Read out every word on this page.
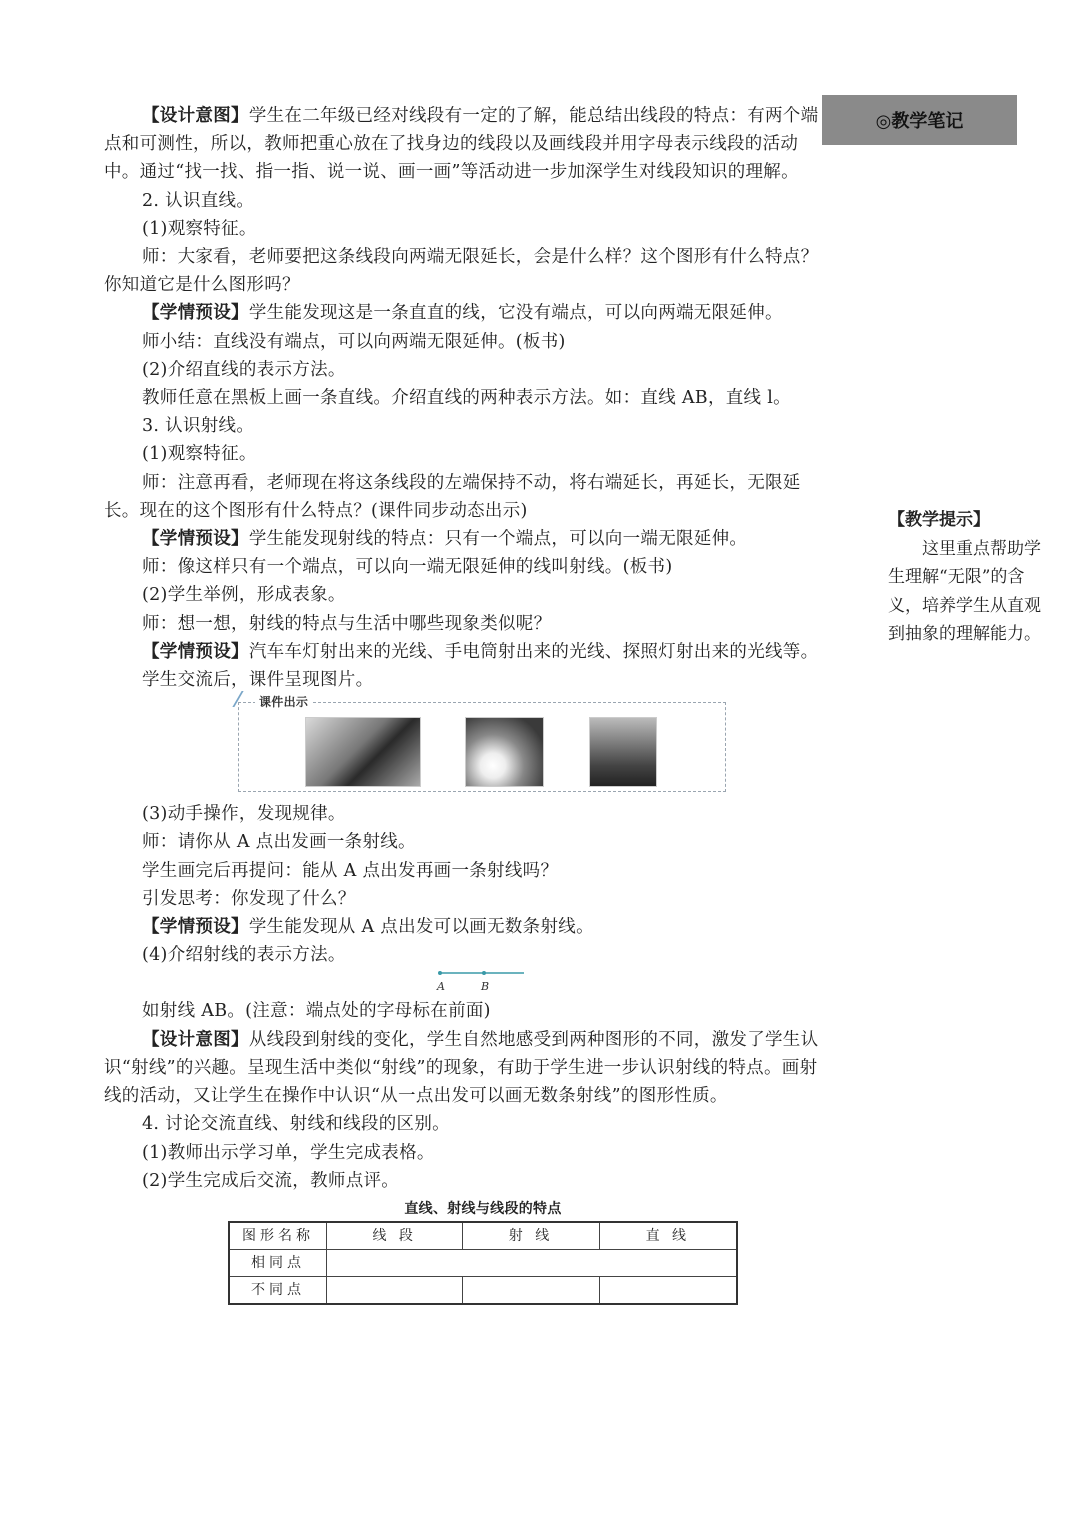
◎教学笔记

【设计意图】学生在二年级已经对线段有一定的了解，能总结出线段的特点：有两个端点和可测性，所以，教师把重心放在了找身边的线段以及画线段并用字母表示线段的活动中。通过“找一找、指一指、说一说、画一画”等活动进一步加深学生对线段知识的理解。

2. 认识直线。

(1)观察特征。

师：大家看，老师要把这条线段向两端无限延长，会是什么样？这个图形有什么特点？你知道它是什么图形吗？

【学情预设】学生能发现这是一条直直的线，它没有端点，可以向两端无限延伸。

师小结：直线没有端点，可以向两端无限延伸。(板书)

(2)介绍直线的表示方法。

教师任意在黑板上画一条直线。介绍直线的两种表示方法。如：直线 AB，直线 l。

3. 认识射线。

(1)观察特征。

师：注意再看，老师现在将这条线段的左端保持不动，将右端延长，再延长，无限延长。现在的这个图形有什么特点？(课件同步动态出示)

【学情预设】学生能发现射线的特点：只有一个端点，可以向一端无限延伸。

师：像这样只有一个端点，可以向一端无限延伸的线叫射线。(板书)

(2)学生举例，形成表象。

师：想一想，射线的特点与生活中哪些现象类似呢？

【学情预设】汽车车灯射出来的光线、手电筒射出来的光线、探照灯射出来的光线等。

学生交流后，课件呈现图片。

课件出示

(3)动手操作，发现规律。

师：请你从 A 点出发画一条射线。

学生画完后再提问：能从 A 点出发再画一条射线吗？

引发思考：你发现了什么？

【学情预设】学生能发现从 A 点出发可以画无数条射线。

(4)介绍射线的表示方法。

A	B

如射线 AB。(注意：端点处的字母标在前面)

【设计意图】从线段到射线的变化，学生自然地感受到两种图形的不同，激发了学生认识“射线”的兴趣。呈现生活中类似“射线”的现象，有助于学生进一步认识射线的特点。画射线的活动，又让学生在操作中认识“从一点出发可以画无数条射线”的图形性质。

4. 讨论交流直线、射线和线段的区别。

(1)教师出示学习单，学生完成表格。

(2)学生完成后交流，教师点评。

直线、射线与线段的特点
图形名称	线 段	射 线	直 线
相同点			
不同点			

【教学提示】

这里重点帮助学生理解“无限”的含义，培养学生从直观到抽象的理解能力。
